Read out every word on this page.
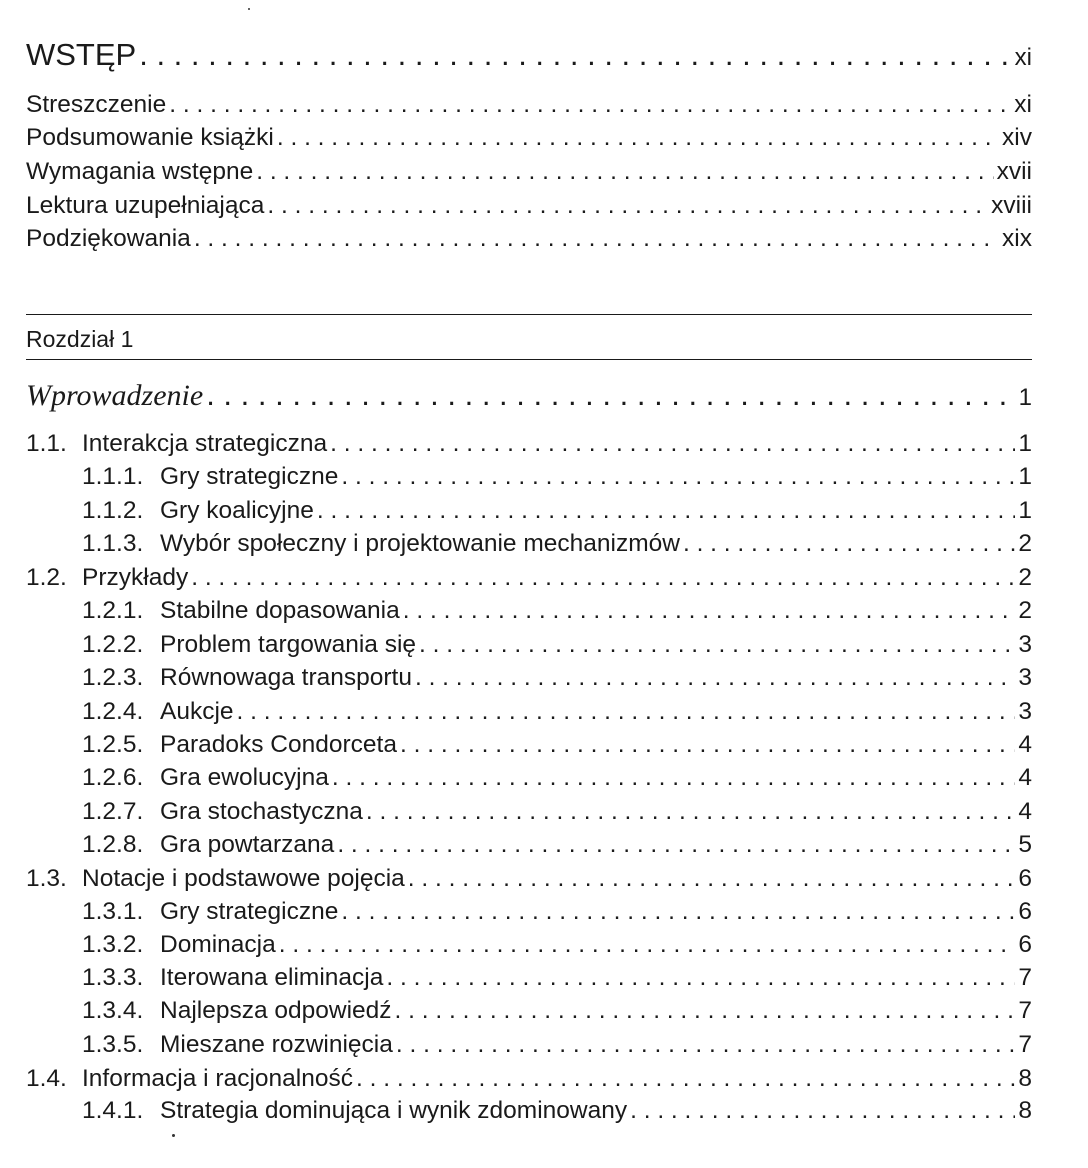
WSTĘP . . .	xi
Streszczenie . . .	xi
Podsumowanie książki . . .	xiv
Wymagania wstępne . . .	xvii
Lektura uzupełniająca . . .	xviii
Podziękowania . . .	xix
Rozdział 1
Wprowadzenie . . .	1
1.1. Interakcja strategiczna . . .	1
1.1.1. Gry strategiczne . . .	1
1.1.2. Gry koalicyjne . . .	1
1.1.3. Wybór społeczny i projektowanie mechanizmów . . .	2
1.2. Przykłady . . .	2
1.2.1. Stabilne dopasowania . . .	2
1.2.2. Problem targowania się . . .	3
1.2.3. Równowaga transportu . . .	3
1.2.4. Aukcje . . .	3
1.2.5. Paradoks Condorceta . . .	4
1.2.6. Gra ewolucyjna . . .	4
1.2.7. Gra stochastyczna . . .	4
1.2.8. Gra powtarzana . . .	5
1.3. Notacje i podstawowe pojęcia . . .	6
1.3.1. Gry strategiczne . . .	6
1.3.2. Dominacja . . .	6
1.3.3. Iterowana eliminacja . . .	7
1.3.4. Najlepsza odpowiedź . . .	7
1.3.5. Mieszane rozwinięcia . . .	7
1.4. Informacja i racjonalność . . .	8
1.4.1. Strategia dominująca i wynik zdominowany . . .	8
